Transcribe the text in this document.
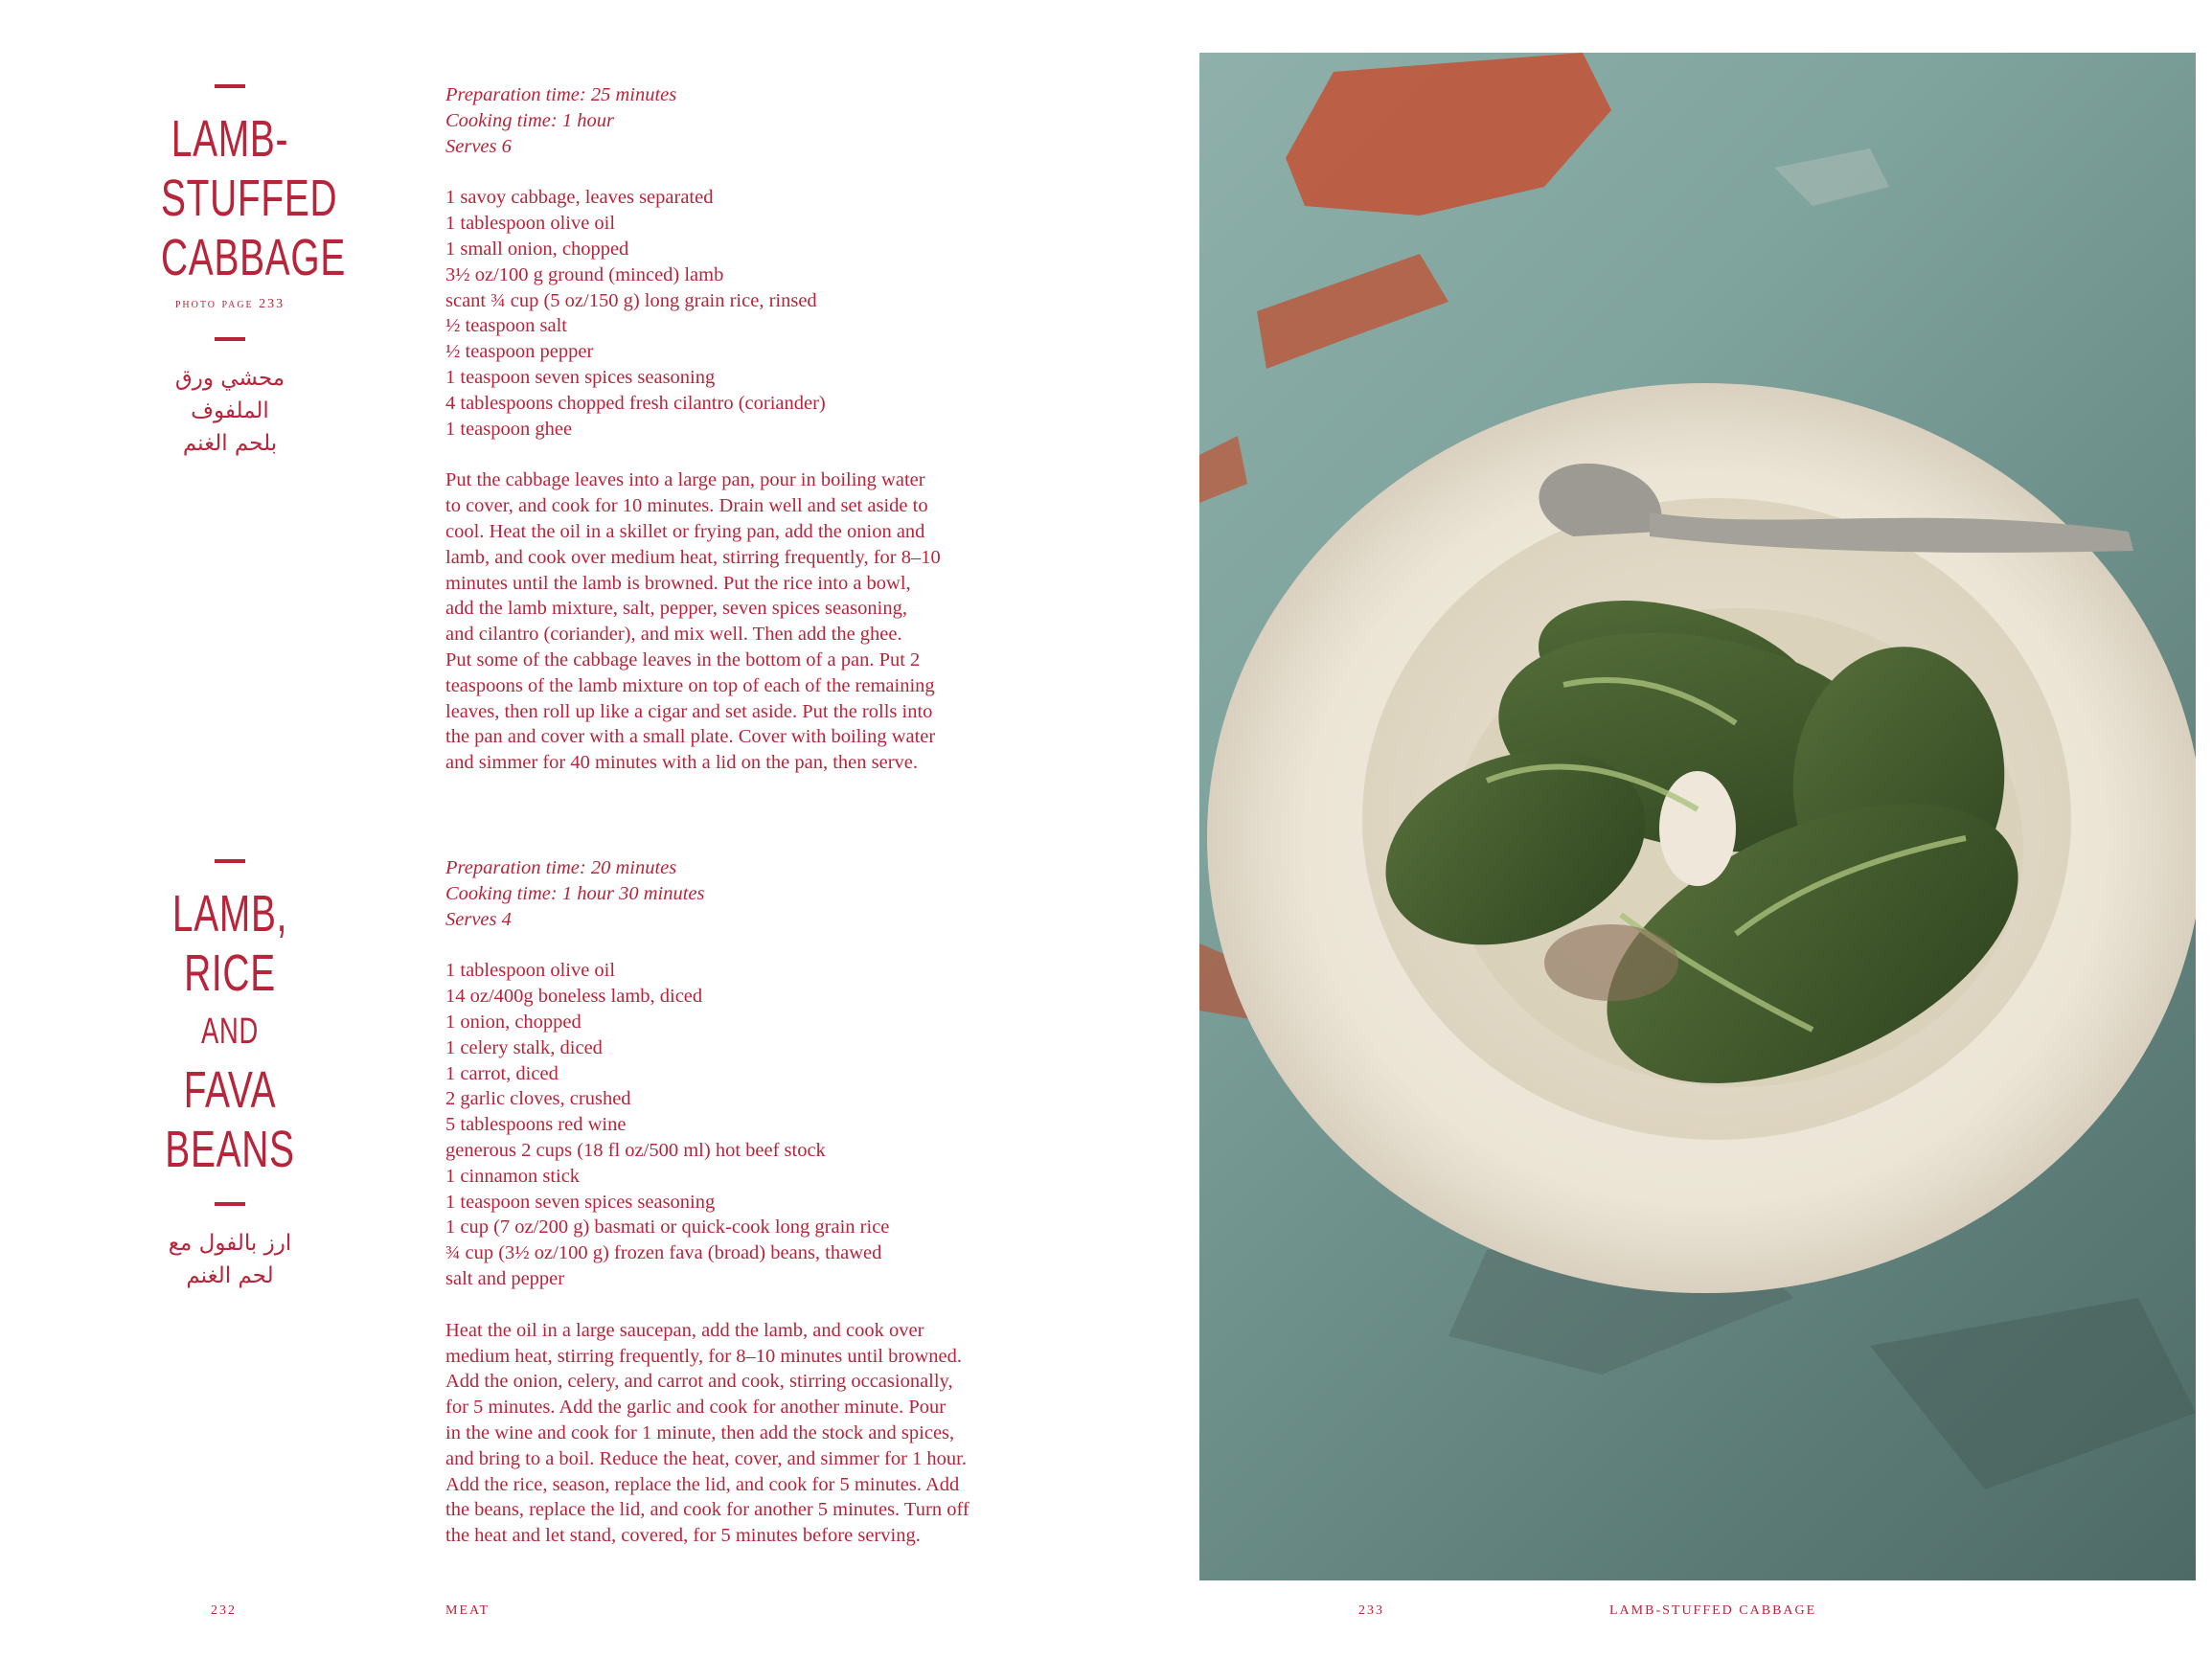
LAMB-
STUFFED
CABBAGE
photo page 233
محشي ورق الملفوف
بلحم الغنم

Preparation time: 25 minutes

Cooking time: 1 hour

Serves 6

1 savoy cabbage, leaves separated
1 tablespoon olive oil
1 small onion, chopped
3½ oz/100 g ground (minced) lamb
scant ¾ cup (5 oz/150 g) long grain rice, rinsed
½ teaspoon salt
½ teaspoon pepper
1 teaspoon seven spices seasoning
4 tablespoons chopped fresh cilantro (coriander)
1 teaspoon ghee
Put the cabbage leaves into a large pan, pour in boiling water
to cover, and cook for 10 minutes. Drain well and set aside to
cool. Heat the oil in a skillet or frying pan, add the onion and
lamb, and cook over medium heat, stirring frequently, for 8–10
minutes until the lamb is browned. Put the rice into a bowl,
add the lamb mixture, salt, pepper, seven spices seasoning,
and cilantro (coriander), and mix well. Then add the ghee.
Put some of the cabbage leaves in the bottom of a pan. Put 2
teaspoons of the lamb mixture on top of each of the remaining
leaves, then roll up like a cigar and set aside. Put the rolls into
the pan and cover with a small plate. Cover with boiling water
and simmer for 40 minutes with a lid on the pan, then serve.
LAMB,
RICE
AND
FAVA
BEANS
ارز بالفول مع
لحم الغنم

Preparation time: 20 minutes

Cooking time: 1 hour 30 minutes

Serves 4

1 tablespoon olive oil
14 oz/400g boneless lamb, diced
1 onion, chopped
1 celery stalk, diced
1 carrot, diced
2 garlic cloves, crushed
5 tablespoons red wine
generous 2 cups (18 fl oz/500 ml) hot beef stock
1 cinnamon stick
1 teaspoon seven spices seasoning
1 cup (7 oz/200 g) basmati or quick-cook long grain rice
¾ cup (3½ oz/100 g) frozen fava (broad) beans, thawed
salt and pepper
Heat the oil in a large saucepan, add the lamb, and cook over
medium heat, stirring frequently, for 8–10 minutes until browned.
Add the onion, celery, and carrot and cook, stirring occasionally,
for 5 minutes. Add the garlic and cook for another minute. Pour
in the wine and cook for 1 minute, then add the stock and spices,
and bring to a boil. Reduce the heat, cover, and simmer for 1 hour.
Add the rice, season, replace the lid, and cook for 5 minutes. Add
the beans, replace the lid, and cook for another 5 minutes. Turn off
the heat and let stand, covered, for 5 minutes before serving.
232	MEAT	233	LAMB-STUFFED CABBAGE
